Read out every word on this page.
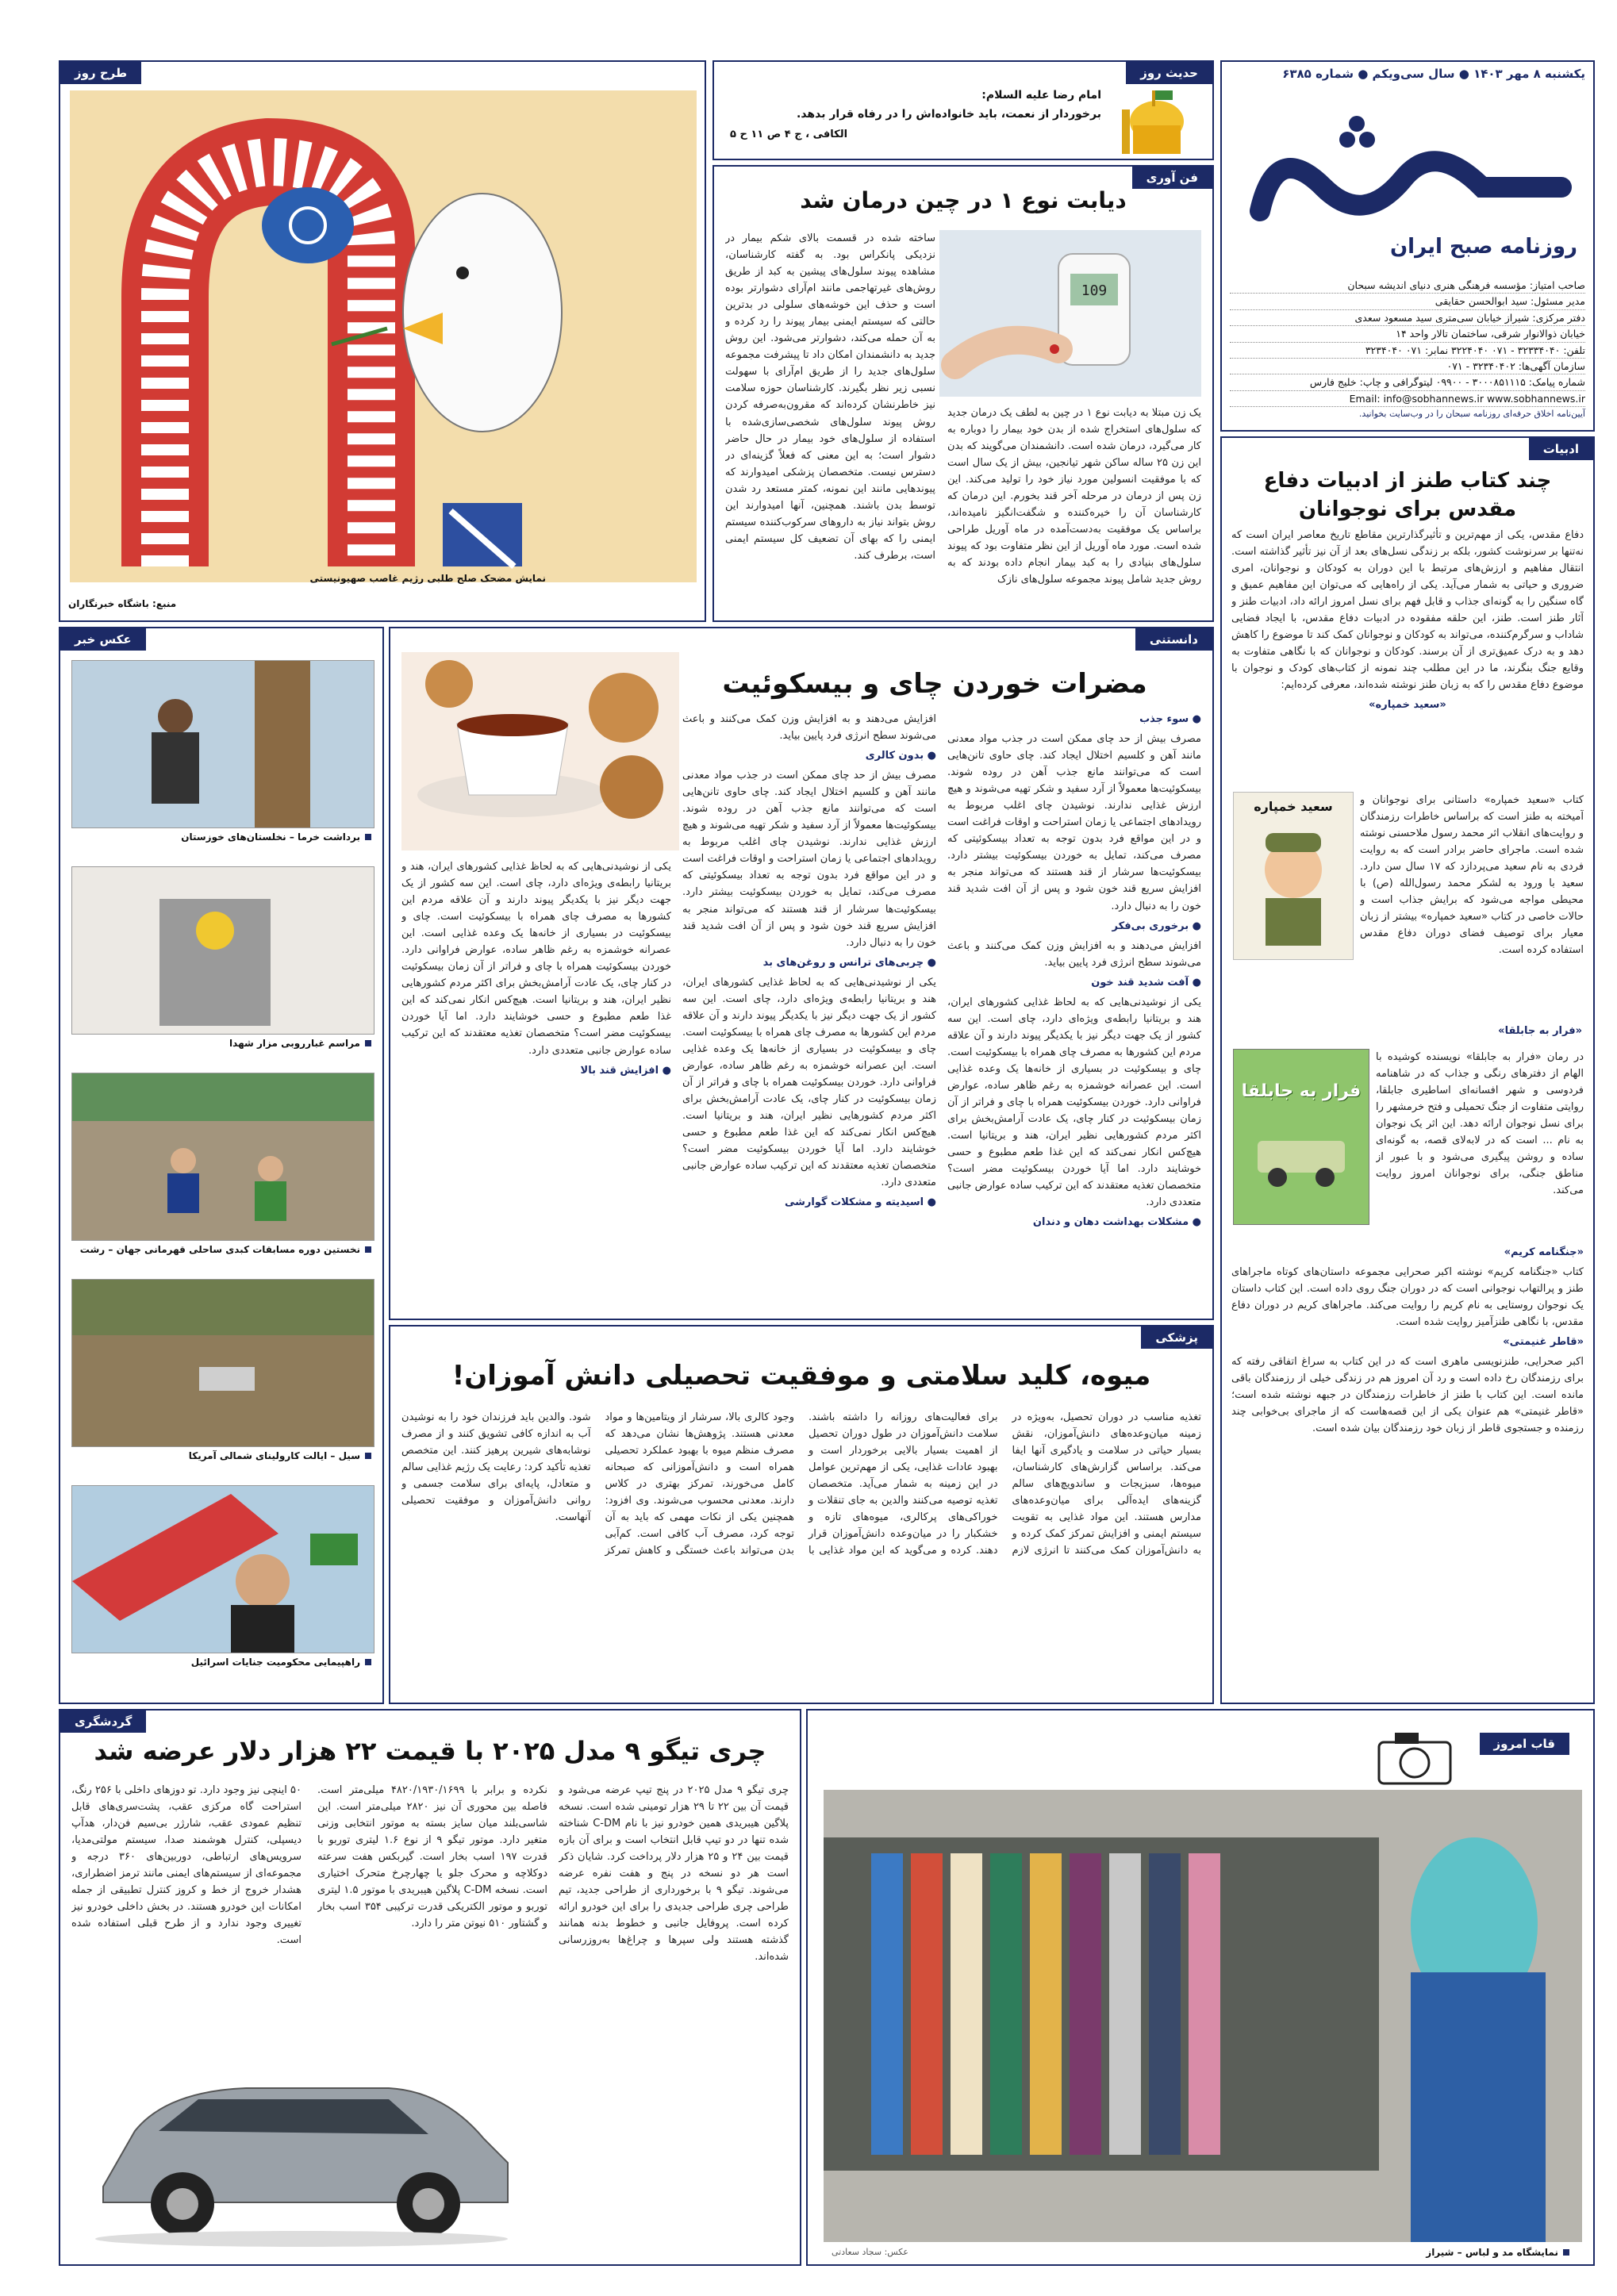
یکشنبه ۸ مهر ۱۴۰۳ ● سال سی‌ویکم ● شماره ۶۳۸۵
روزنامه صبح ایران
صاحب امتیاز: مؤسسه فرهنگی هنری دنیای اندیشه سبحان
مدیر مسئول: سید ابوالحسن حقایقی
دفتر مرکزی: شیراز خیابان سی‌متری سید مسعود سعدی
خیابان ذوالانوار شرقی، ساختمان تالار واحد ۱۴
تلفن: ۳۲۳۳۴۰۴۰ - ۰۷۱ ۳۲۲۴۰۴۰ نمابر: ۰۷۱ ۳۲۳۴۰۴۰
سازمان آگهی‌ها: ۳۲۳۴۰۴۰۲ - ۰۷۱
شماره پیامک: ۳۰۰۰۸۵۱۱۱۵ - ۰۹۹۰۰ لیتوگرافی و چاپ: خلیج فارس
Email: info@sobhannews.ir www.sobhannews.ir
آیین‌نامه اخلاق حرفه‌ای روزنامه سبحان را در وب‌سایت بخوانید.
حدیث روز
امام رضا علیه السلام:
برخوردار از نعمت، باید خانواده‌اش را در رفاه قرار بدهد.
الکافی ، ج ۴ ص ۱۱ ح ۵
طرح روز
نمایش مضحک صلح طلبی رژیم غاصب صهیونیستی
منبع: باشگاه خبرنگاران
فن آوری
دیابت نوع ۱ در چین درمان شد
109

یک زن مبتلا به دیابت نوع ۱ در چین به لطف یک درمان جدید که سلول‌های استخراج شده از بدن خود بیمار را دوباره به کار می‌گیرد، درمان شده است. دانشمندان می‌گویند که بدن این زن ۲۵ ساله ساکن شهر تیانجین، بیش از یک سال است که با موفقیت انسولین مورد نیاز خود را تولید می‌کند. این زن پس از درمان در مرحله آخر قند بخورم. این درمان که کارشناسان آن را خیره‌کننده و شگفت‌انگیز نامیده‌اند، براساس یک موفقیت به‌دست‌آمده در ماه آوریل طراحی شده است. مورد ماه آوریل از این نظر متفاوت بود که پیوند سلول‌های بنیادی را به کبد بیمار انجام داده بودند که به روش جدید شامل پیوند مجموعه سلول‌های نازک

ساخته شده در قسمت بالای شکم بیمار در نزدیکی پانکراس بود. به گفته کارشناسان، مشاهده پیوند سلول‌های پیشین به کبد از طریق روش‌های غیرتهاجمی مانند ام‌آرای دشوارتر بوده است و حذف این خوشه‌های سلولی در بدترین حالتی که سیستم ایمنی بیمار پیوند را رد کرده و به آن حمله می‌کند، دشوارتر می‌شود. این روش جدید به دانشمندان امکان داد تا پیشرفت مجموعه سلول‌های جدید را از طریق ام‌آرای با سهولت نسبی زیر نظر بگیرند. کارشناسان حوزه سلامت نیز خاطرنشان کرده‌اند که مقرون‌به‌صرفه کردن روش پیوند سلول‌های شخصی‌سازی‌شده با استفاده از سلول‌های خود بیمار در حال حاضر دشوار است؛ به این معنی که فعلاً گزینه‌ای در دسترس نیست. متخصصان پزشکی امیدوارند که پیوندهایی مانند این نمونه، کمتر مستعد رد شدن توسط بدن باشند. همچنین، آنها امیدوارند این روش بتواند نیاز به داروهای سرکوب‌کننده سیستم ایمنی را که بهای آن تضعیف کل سیستم ایمنی است، برطرف کند.

ادبیات
چند کتاب طنز از ادبیات دفاع مقدس برای نوجوانان

دفاع مقدس، یکی از مهم‌ترین و تأثیرگذارترین مقاطع تاریخ معاصر ایران است که نه‌تنها بر سرنوشت کشور، بلکه بر زندگی نسل‌های بعد از آن نیز تأثیر گذاشته است. انتقال مفاهیم و ارزش‌های مرتبط با این دوران به کودکان و نوجوانان، امری ضروری و حیاتی به شمار می‌آید. یکی از راه‌هایی که می‌توان این مفاهیم عمیق و گاه سنگین را به گونه‌ای جذاب و قابل فهم برای نسل امروز ارائه داد، ادبیات طنز و آثار طنز است. طنز، این حلقه مفقوده در ادبیات دفاع مقدس، با ایجاد فضایی شاداب و سرگرم‌کننده، می‌تواند به کودکان و نوجوانان کمک کند تا موضوع را کاهش دهد و به درک عمیق‌تری از آن برسند. کودکان و نوجوانان که با نگاهی متفاوت به وقایع جنگ بنگرند، ما در این مطلب چند نمونه از کتاب‌های کودک و نوجوان با موضوع دفاع مقدس را که به زبان طنز نوشته شده‌اند، معرفی کرده‌ایم:

«سعید خمپاره»

سعید خمپاره	کتاب «سعید خمپاره» داستانی برای نوجوانان و آمیخته به طنز است که براساس خاطرات رزمندگان و روایت‌های انقلاب اثر محمد رسول ملاحسنی نوشته شده است. ماجرای حاضر برادر است که به روایت فردی به نام سعید می‌پردازد که ۱۷ سال سن دارد. سعید با ورود به لشکر محمد رسول‌الله (ص) با محیطی مواجه می‌شود که برایش جذاب است و حالات خاصی در کتاب «سعید خمپاره» بیشتر از زبان معیار برای توصیف فضای دوران دفاع مقدس استفاده کرده است.

«فرار به جابلقا»
فرار به جابلقا

در رمان «فرار به جابلقا» نویسنده کوشیده با الهام از دفترهای رنگی و جذاب که در شاهنامه فردوسی و شهر افسانه‌ای اساطیری جابلقا، روایتی متفاوت از جنگ تحمیلی و فتح خرمشهر را برای نسل نوجوان ارائه دهد. این اثر یک نوجوان به نام ... است که در لابه‌لای قصه، به گونه‌ای ساده و روشن پیگیری می‌شود و با عبور از مناطق جنگی، برای نوجوانان امروز روایت می‌کند.

«جنگنامه کریم»

کتاب «جنگنامه کریم» نوشته اکبر صحرایی مجموعه داستان‌های کوتاه ماجراهای طنز و پرالتهاب نوجوانی است که در دوران جنگ روی داده است. این کتاب داستان یک نوجوان روستایی به نام کریم را روایت می‌کند. ماجراهای کریم در دوران دفاع مقدس، با نگاهی طنزآمیز روایت شده است.

«قاطر غنیمتی»

اکبر صحرایی، طنزنویسی ماهری است که در این کتاب به سراغ اتفاقی رفته که برای رزمندگان رخ داده است و رد آن امروز هم در زندگی خیلی از رزمندگان باقی مانده است. این کتاب با طنز از خاطرات رزمندگان در جبهه نوشته شده است؛ «قاطر غنیمتی» هم عنوان یکی از این قصه‌هاست که از ماجرای بی‌خوابی چند رزمنده و جستجوی قاطر از زبان خود رزمندگان بیان شده است.

عکس خبر
برداشت خرما – نخلستان‌های خوزستان
مراسم غبارروبی مزار شهدا
نخستین دوره مسابقات کبدی ساحلی قهرمانی جهان – رشت
سیل – ایالت کارولینای شمالی آمریکا
راهپیمایی محکومیت جنایات اسرائیل
دانستنی
مضرات خوردن چای و بیسکوئیت

یکی از نوشیدنی‌هایی که به لحاظ غذایی کشورهای ایران، هند و بریتانیا رابطه‌ی ویژه‌ای دارد، چای است. این سه کشور از یک جهت دیگر نیز با یکدیگر پیوند دارند و آن علاقه مردم این کشورها به مصرف چای همراه با بیسکوئیت است. چای و بیسکوئیت در بسیاری از خانه‌ها یک وعده غذایی است. این عصرانه خوشمزه به رغم ظاهر ساده، عوارض فراوانی دارد. خوردن بیسکوئیت همراه با چای و فراتر از آن زمان بیسکوئیت در کنار چای، یک عادت آرامش‌بخش برای اکثر مردم کشورهایی نظیر ایران، هند و بریتانیا است. هیچ‌کس انکار نمی‌کند که این غذا طعم مطبوع و حسی خوشایند دارد. اما آیا خوردن بیسکوئیت مضر است؟ متخصصان تغذیه معتقدند که این ترکیب ساده عوارض جانبی متعددی دارد.

● افزایش قند بالا

افزایش می‌دهند و به افزایش وزن کمک می‌کنند و باعث می‌شوند سطح انرژی فرد پایین بیاید.

● بدون کالری

مصرف بیش از حد چای ممکن است در جذب مواد معدنی مانند آهن و کلسیم اختلال ایجاد کند. چای حاوی تانن‌هایی است که می‌توانند مانع جذب آهن در روده شوند. بیسکوئیت‌ها معمولاً از آرد سفید و شکر تهیه می‌شوند و هیچ ارزش غذایی ندارند. نوشیدن چای اغلب مربوط به رویدادهای اجتماعی یا زمان استراحت و اوقات فراغت است و در این مواقع فرد بدون توجه به تعداد بیسکوئیتی که مصرف می‌کند، تمایل به خوردن بیسکوئیت بیشتر دارد. بیسکوئیت‌ها سرشار از قند هستند که می‌تواند منجر به افزایش سریع قند خون شود و پس از آن افت شدید قند خون را به دنبال دارد.

● چربی‌های ترانس و روغن‌های بد

یکی از نوشیدنی‌هایی که به لحاظ غذایی کشورهای ایران، هند و بریتانیا رابطه‌ی ویژه‌ای دارد، چای است. این سه کشور از یک جهت دیگر نیز با یکدیگر پیوند دارند و آن علاقه مردم این کشورها به مصرف چای همراه با بیسکوئیت است. چای و بیسکوئیت در بسیاری از خانه‌ها یک وعده غذایی است. این عصرانه خوشمزه به رغم ظاهر ساده، عوارض فراوانی دارد. خوردن بیسکوئیت همراه با چای و فراتر از آن زمان بیسکوئیت در کنار چای، یک عادت آرامش‌بخش برای اکثر مردم کشورهایی نظیر ایران، هند و بریتانیا است. هیچ‌کس انکار نمی‌کند که این غذا طعم مطبوع و حسی خوشایند دارد. اما آیا خوردن بیسکوئیت مضر است؟ متخصصان تغذیه معتقدند که این ترکیب ساده عوارض جانبی متعددی دارد.

● اسیدیته و مشکلات گوارشی

● سوء جذب

مصرف بیش از حد چای ممکن است در جذب مواد معدنی مانند آهن و کلسیم اختلال ایجاد کند. چای حاوی تانن‌هایی است که می‌توانند مانع جذب آهن در روده شوند. بیسکوئیت‌ها معمولاً از آرد سفید و شکر تهیه می‌شوند و هیچ ارزش غذایی ندارند. نوشیدن چای اغلب مربوط به رویدادهای اجتماعی یا زمان استراحت و اوقات فراغت است و در این مواقع فرد بدون توجه به تعداد بیسکوئیتی که مصرف می‌کند، تمایل به خوردن بیسکوئیت بیشتر دارد. بیسکوئیت‌ها سرشار از قند هستند که می‌تواند منجر به افزایش سریع قند خون شود و پس از آن افت شدید قند خون را به دنبال دارد.

● برخوری بی‌فکر

افزایش می‌دهند و به افزایش وزن کمک می‌کنند و باعث می‌شوند سطح انرژی فرد پایین بیاید.

● آفت شدید قند خون

یکی از نوشیدنی‌هایی که به لحاظ غذایی کشورهای ایران، هند و بریتانیا رابطه‌ی ویژه‌ای دارد، چای است. این سه کشور از یک جهت دیگر نیز با یکدیگر پیوند دارند و آن علاقه مردم این کشورها به مصرف چای همراه با بیسکوئیت است. چای و بیسکوئیت در بسیاری از خانه‌ها یک وعده غذایی است. این عصرانه خوشمزه به رغم ظاهر ساده، عوارض فراوانی دارد. خوردن بیسکوئیت همراه با چای و فراتر از آن زمان بیسکوئیت در کنار چای، یک عادت آرامش‌بخش برای اکثر مردم کشورهایی نظیر ایران، هند و بریتانیا است. هیچ‌کس انکار نمی‌کند که این غذا طعم مطبوع و حسی خوشایند دارد. اما آیا خوردن بیسکوئیت مضر است؟ متخصصان تغذیه معتقدند که این ترکیب ساده عوارض جانبی متعددی دارد.

● مشکلات بهداشت دهان و دندان

پزشکی
میوه، کلید سلامتی و موفقیت تحصیلی دانش آموزان!

تغذیه مناسب در دوران تحصیل، به‌ویژه در زمینه میان‌وعده‌های دانش‌آموزان، نقش بسیار حیاتی در سلامت و یادگیری آنها ایفا می‌کند. براساس گزارش‌های کارشناسان، میوه‌ها، سبزیجات و ساندویچ‌های سالم گزینه‌های ایده‌آلی برای میان‌وعده‌های مدارس هستند. این مواد غذایی به تقویت سیستم ایمنی و افزایش تمرکز کمک کرده و به دانش‌آموزان کمک می‌کنند تا انرژی لازم برای فعالیت‌های روزانه را داشته باشند. سلامت دانش‌آموزان در طول دوران تحصیل از اهمیت بسیار بالایی برخوردار است و بهبود عادات غذایی، یکی از مهم‌ترین عوامل در این زمینه به شمار می‌آید. متخصصان تغذیه توصیه می‌کنند والدین به جای تنقلات و خوراکی‌های پرکالری، میوه‌های تازه و خشکبار را در میان‌وعده دانش‌آموزان قرار دهند. کرده و می‌گوید که این مواد غذایی با وجود کالری بالا، سرشار از ویتامین‌ها و مواد معدنی هستند. پژوهش‌ها نشان می‌دهد که مصرف منظم میوه با بهبود عملکرد تحصیلی همراه است و دانش‌آموزانی که صبحانه کامل می‌خورند، تمرکز بهتری در کلاس دارند. معدنی محسوب می‌شوند. وی افزود: همچنین یکی از نکات مهمی که باید به آن توجه کرد، مصرف آب کافی است. کم‌آبی بدن می‌تواند باعث خستگی و کاهش تمرکز شود. والدین باید فرزندان خود را به نوشیدن آب به اندازه کافی تشویق کنند و از مصرف نوشابه‌های شیرین پرهیز کنند. این متخصص تغذیه تأکید کرد: رعایت یک رژیم غذایی سالم و متعادل، پایه‌ای برای سلامت جسمی و روانی دانش‌آموزان و موفقیت تحصیلی آنهاست.

گردشگری
چری تیگو ۹ مدل ۲۰۲۵ با قیمت ۲۲ هزار دلار عرضه شد

چری تیگو ۹ مدل ۲۰۲۵ در پنج تیپ عرضه می‌شود و قیمت آن بین ۲۲ تا ۲۹ هزار تومینی شده است. نسخه پلاگین هیبریدی همین خودرو نیز با نام C-DM شناخته شده تنها در دو تیپ قابل انتخاب است و برای آن بازه قیمت بین ۲۴ و ۲۵ هزار دلار پرداخت کرد. شایان ذکر است هر دو نسخه در پنج و هفت نفره عرضه می‌شوند. تیگو ۹ با برخورداری از طراحی جدید، تیم طراحی چری طراحی جدیدی را برای این خودرو ارائه کرده است. پروفایل جانبی و خطوط بدنه همانند گذشته هستند ولی سپرها و چراغ‌ها به‌روزرسانی شده‌اند.

نکرده و برابر با ۴۸۲۰/۱۹۳۰/۱۶۹۹ میلی‌متر است. فاصله بین محوری آن نیز ۲۸۲۰ میلی‌متر است. این شاسی‌بلند میان سایز بسته به موتور انتخابی وزنی متغیر دارد. موتور تیگو ۹ از نوع ۱.۶ لیتری توربو با قدرت ۱۹۷ اسب بخار است. گیربکس هفت سرعته دوکلاچه و محرک جلو یا چهارچرخ متحرک اختیاری است. نسخه C-DM پلاگین هیبریدی با موتور ۱.۵ لیتری توربو و موتور الکتریکی قدرت ترکیبی ۳۵۴ اسب بخار و گشتاور ۵۱۰ نیوتن متر را دارد.

۵۰ اینچی نیز وجود دارد. تو دوزهای داخلی با ۲۵۶ رنگ، استراحت گاه مرکزی عقب، پشت‌سری‌های قابل تنظیم عمودی عقب، شارژر بی‌سیم فن‌دار، هدآپ دیسپلی، کنترل هوشمند صدا، سیستم مولتی‌مدیا، سرویس‌های ارتباطی، دوربین‌های ۳۶۰ درجه و مجموعه‌ای از سیستم‌های ایمنی مانند ترمز اضطراری، هشدار خروج از خط و کروز کنترل تطبیقی از جمله امکانات این خودرو هستند. در بخش داخلی خودرو نیز تغییری وجود ندارد و از طرح قبلی استفاده شده است.

قاب امروز
عکس: سجاد سعادتی	نمایشگاه مد و لباس – شیراز
